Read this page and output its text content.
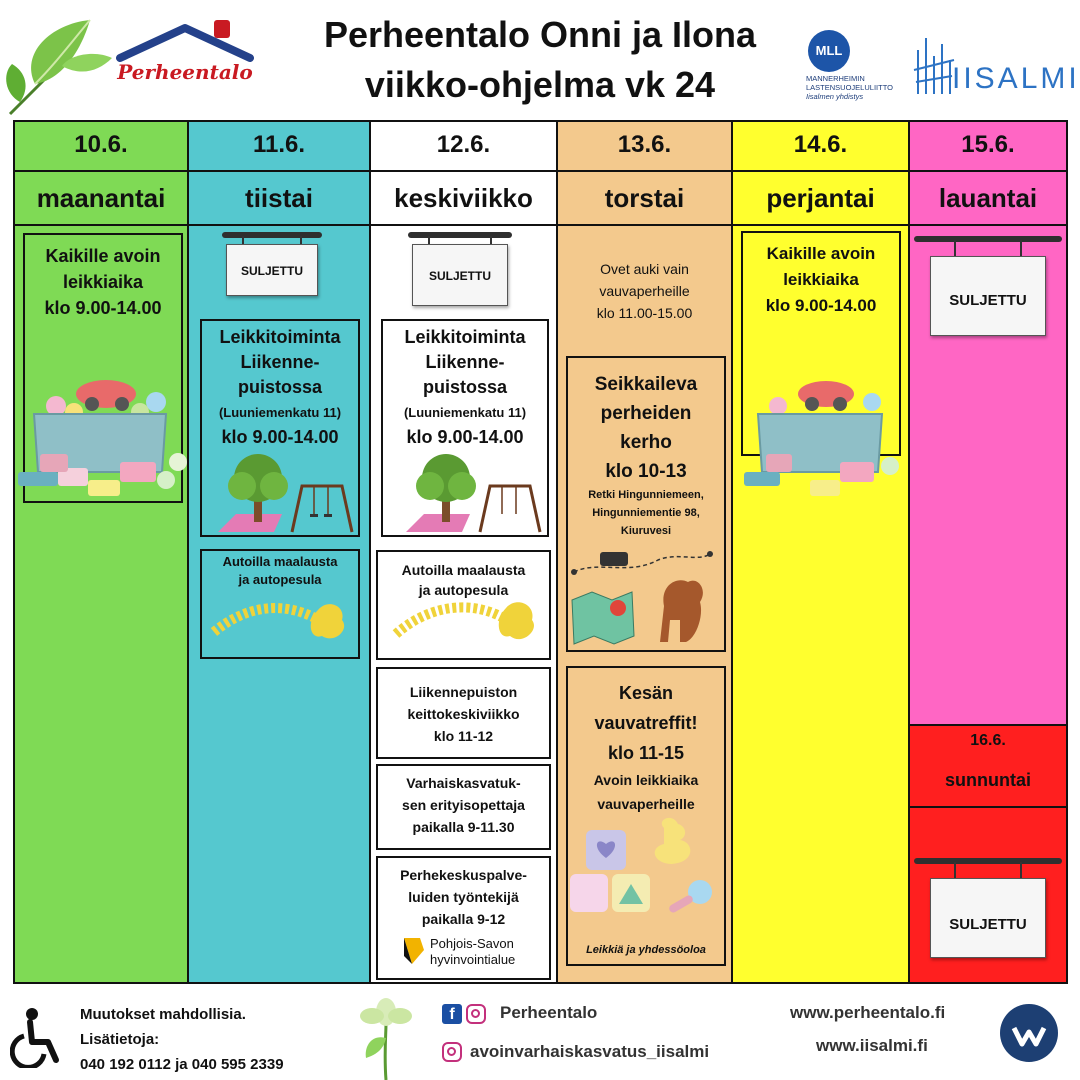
Perheentalo
Perheentalo Onni ja Ilona
viikko-ohjelma vk 24
MLL
MANNERHEIMIN
LASTENSUOJELULIITTO
Iisalmen yhdistys
IISALMI
10.6.
maanantai
Kaikille avoin
leikkiaika
klo 9.00-14.00
11.6.
tiistai
Leikkitoiminta
Liikenne-
puistossa
(Luuniemenkatu 11)
klo 9.00-14.00
Autoilla maalausta
ja autopesula
12.6.
keskiviikko
Leikkitoiminta
Liikenne-
puistossa
(Luuniemenkatu 11)
klo 9.00-14.00
Autoilla maalausta
ja autopesula
Liikennepuiston
keittokeskiviikko
klo 11-12
Varhaiskasvatuk-
sen erityisopettaja
paikalla 9-11.30
Perhekeskuspalve-
luiden työntekijä
paikalla 9-12
13.6.
torstai
Ovet auki vain
vauvaperheille
klo 11.00-15.00
Seikkaileva
perheiden
kerho
klo 10-13
Retki Hingunniemeen,
Hingunniementie 98,
Kiuruvesi
Kesän
vauvatreffit!
klo 11-15
Avoin leikkiaika
vauvaperheille
Leikkiä ja yhdessöoloa
14.6.
perjantai
Kaikille avoin
leikkiaika
klo 9.00-14.00
15.6.
lauantai
16.6.
sunnuntai
SULJETTU	SULJETTU
SULJETTU
SULJETTU
Pohjois-Savon
hyvinvointialue
Muutokset mahdollisia.
Lisätietoja:
040 192 0112 ja 040 595 2339
f	Perheentalo
avoinvarhaiskasvatus_iisalmi
www.perheentalo.fi
www.iisalmi.fi
